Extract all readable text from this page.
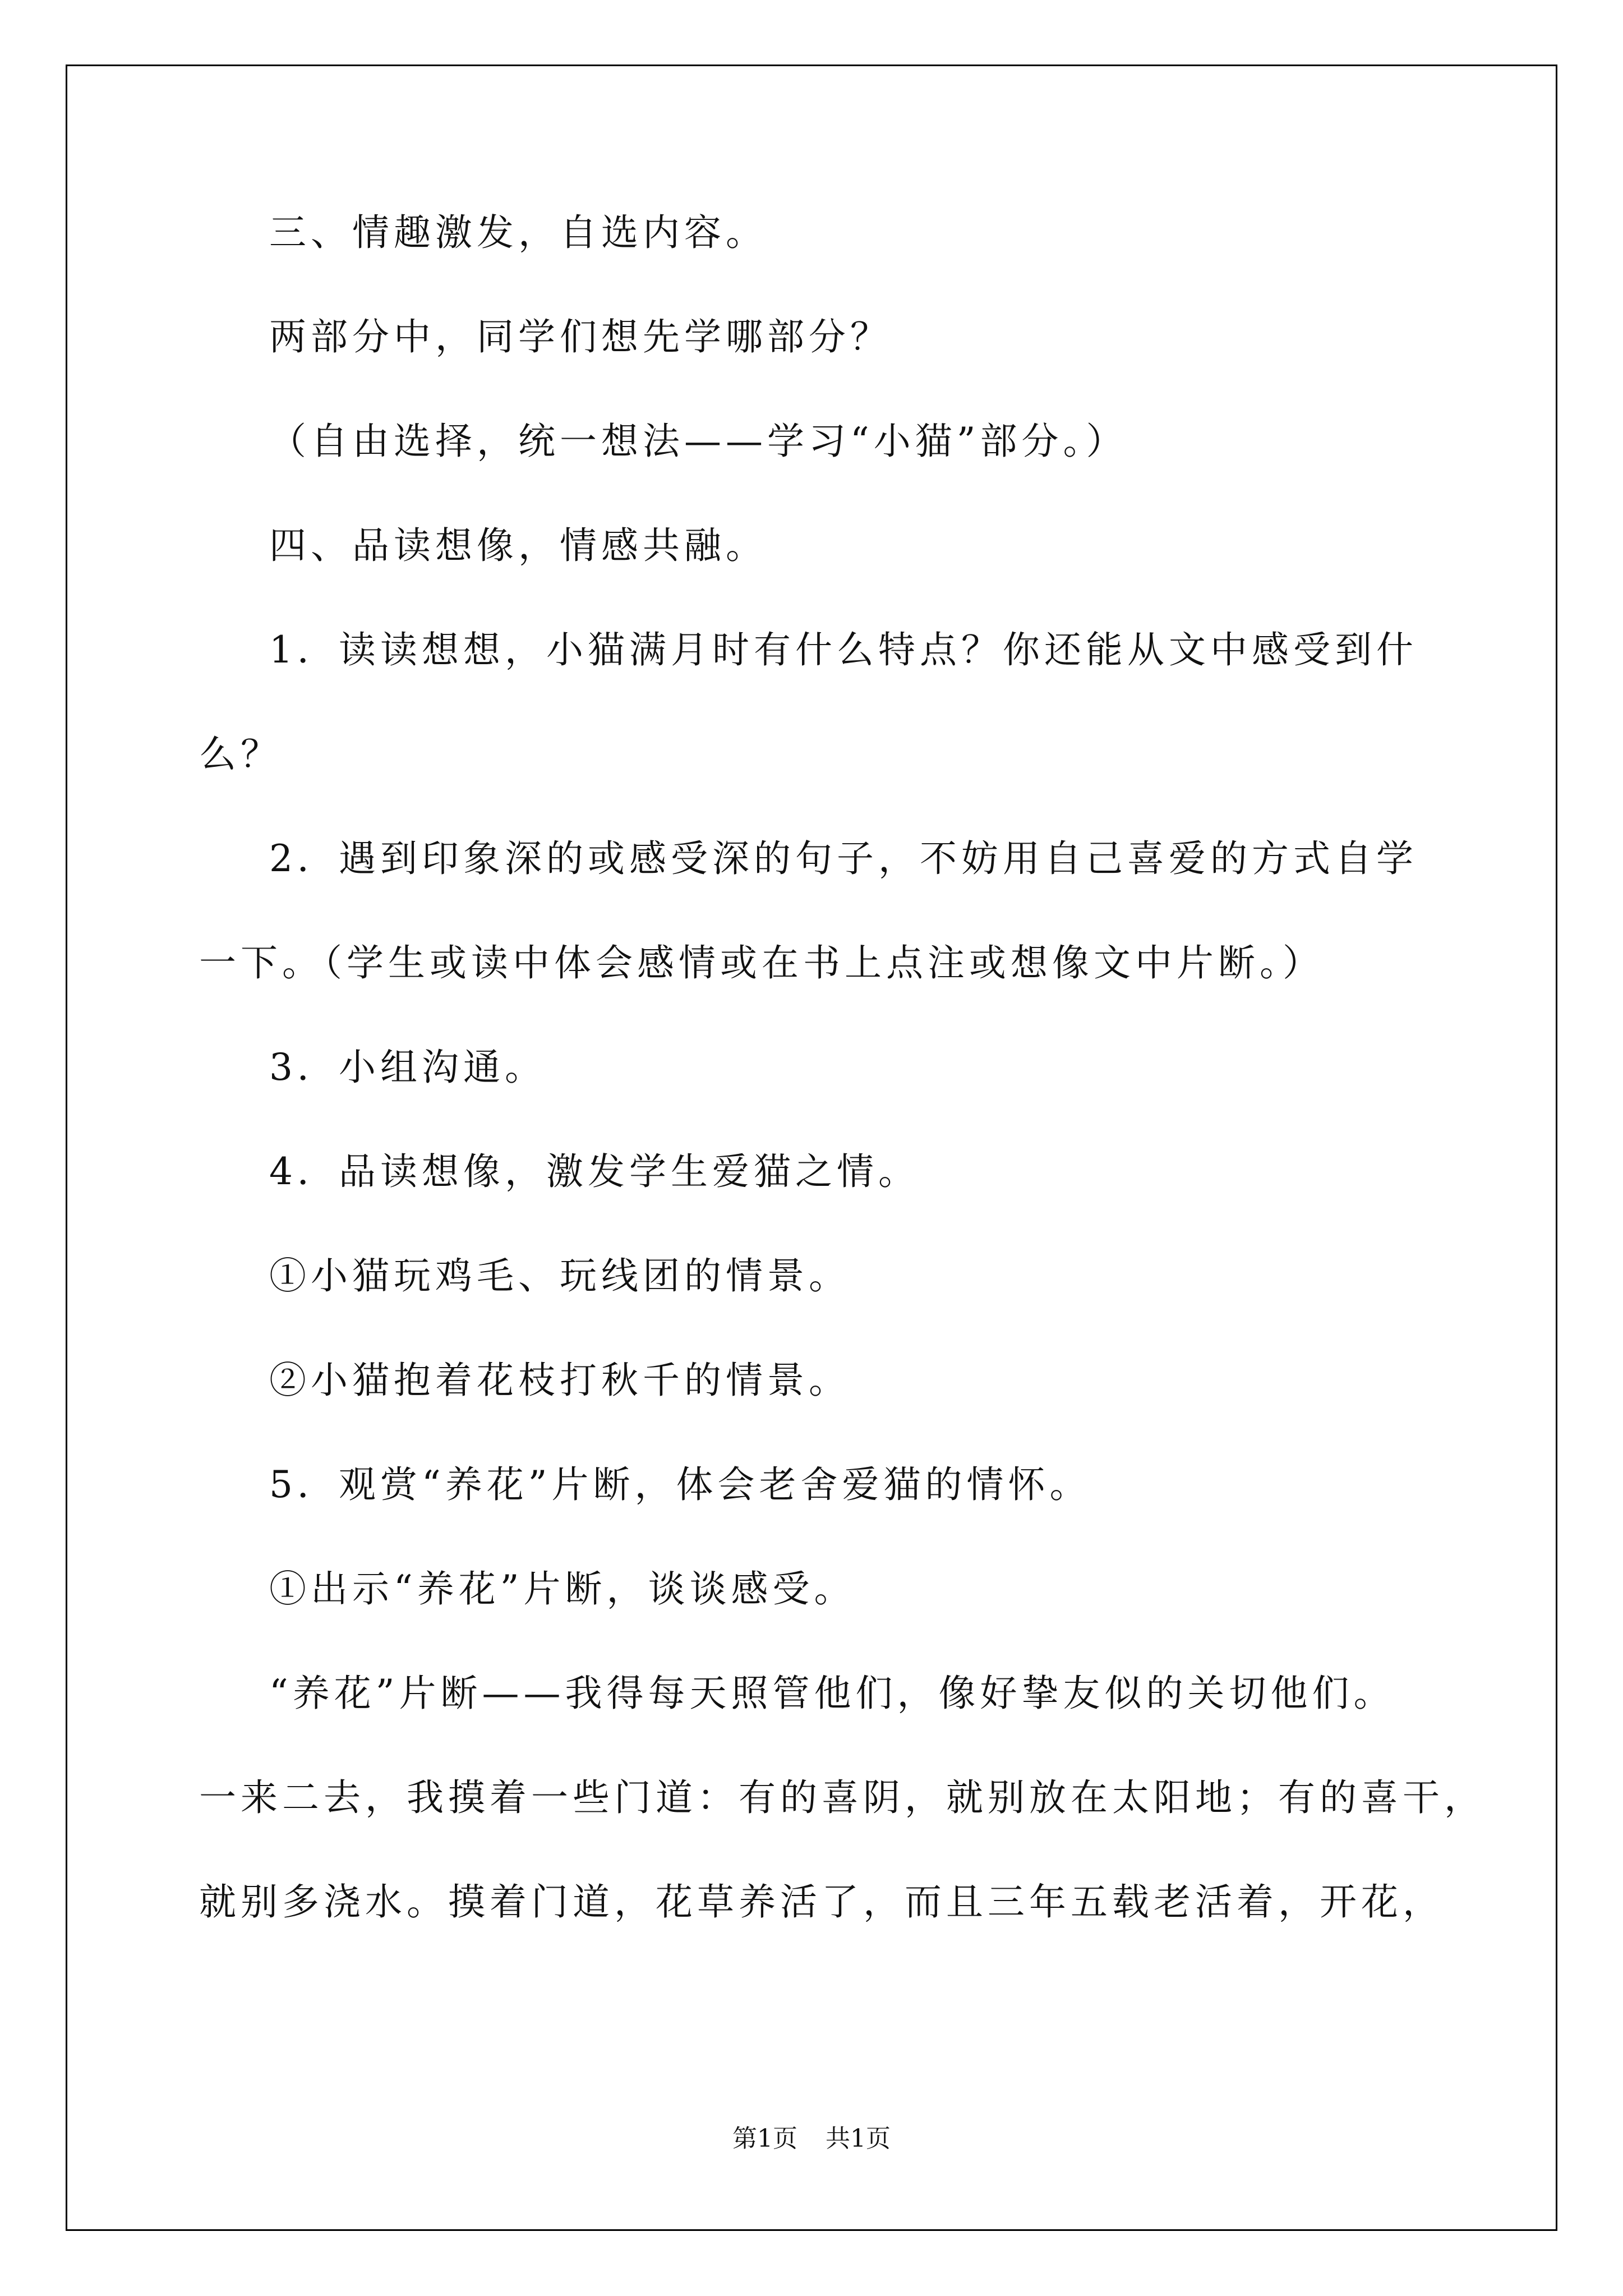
三、情趣激发，自选内容。
两部分中，同学们想先学哪部分？
（自由选择，统一想法——学习“小猫”部分。）
四、品读想像，情感共融。
1．读读想想，小猫满月时有什么特点？你还能从文中感受到什
么？
2．遇到印象深的或感受深的句子，不妨用自己喜爱的方式自学
一下。（学生或读中体会感情或在书上点注或想像文中片断。）
3．小组沟通。
4．品读想像，激发学生爱猫之情。
①小猫玩鸡毛、玩线团的情景。
②小猫抱着花枝打秋千的情景。
5．观赏“养花”片断，体会老舍爱猫的情怀。
①出示“养花”片断，谈谈感受。
“养花”片断——我得每天照管他们，像好挚友似的关切他们。
一来二去，我摸着一些门道：有的喜阴，就别放在太阳地；有的喜干，
就别多浇水。摸着门道，花草养活了，而且三年五载老活着，开花，
第1页 共1页
